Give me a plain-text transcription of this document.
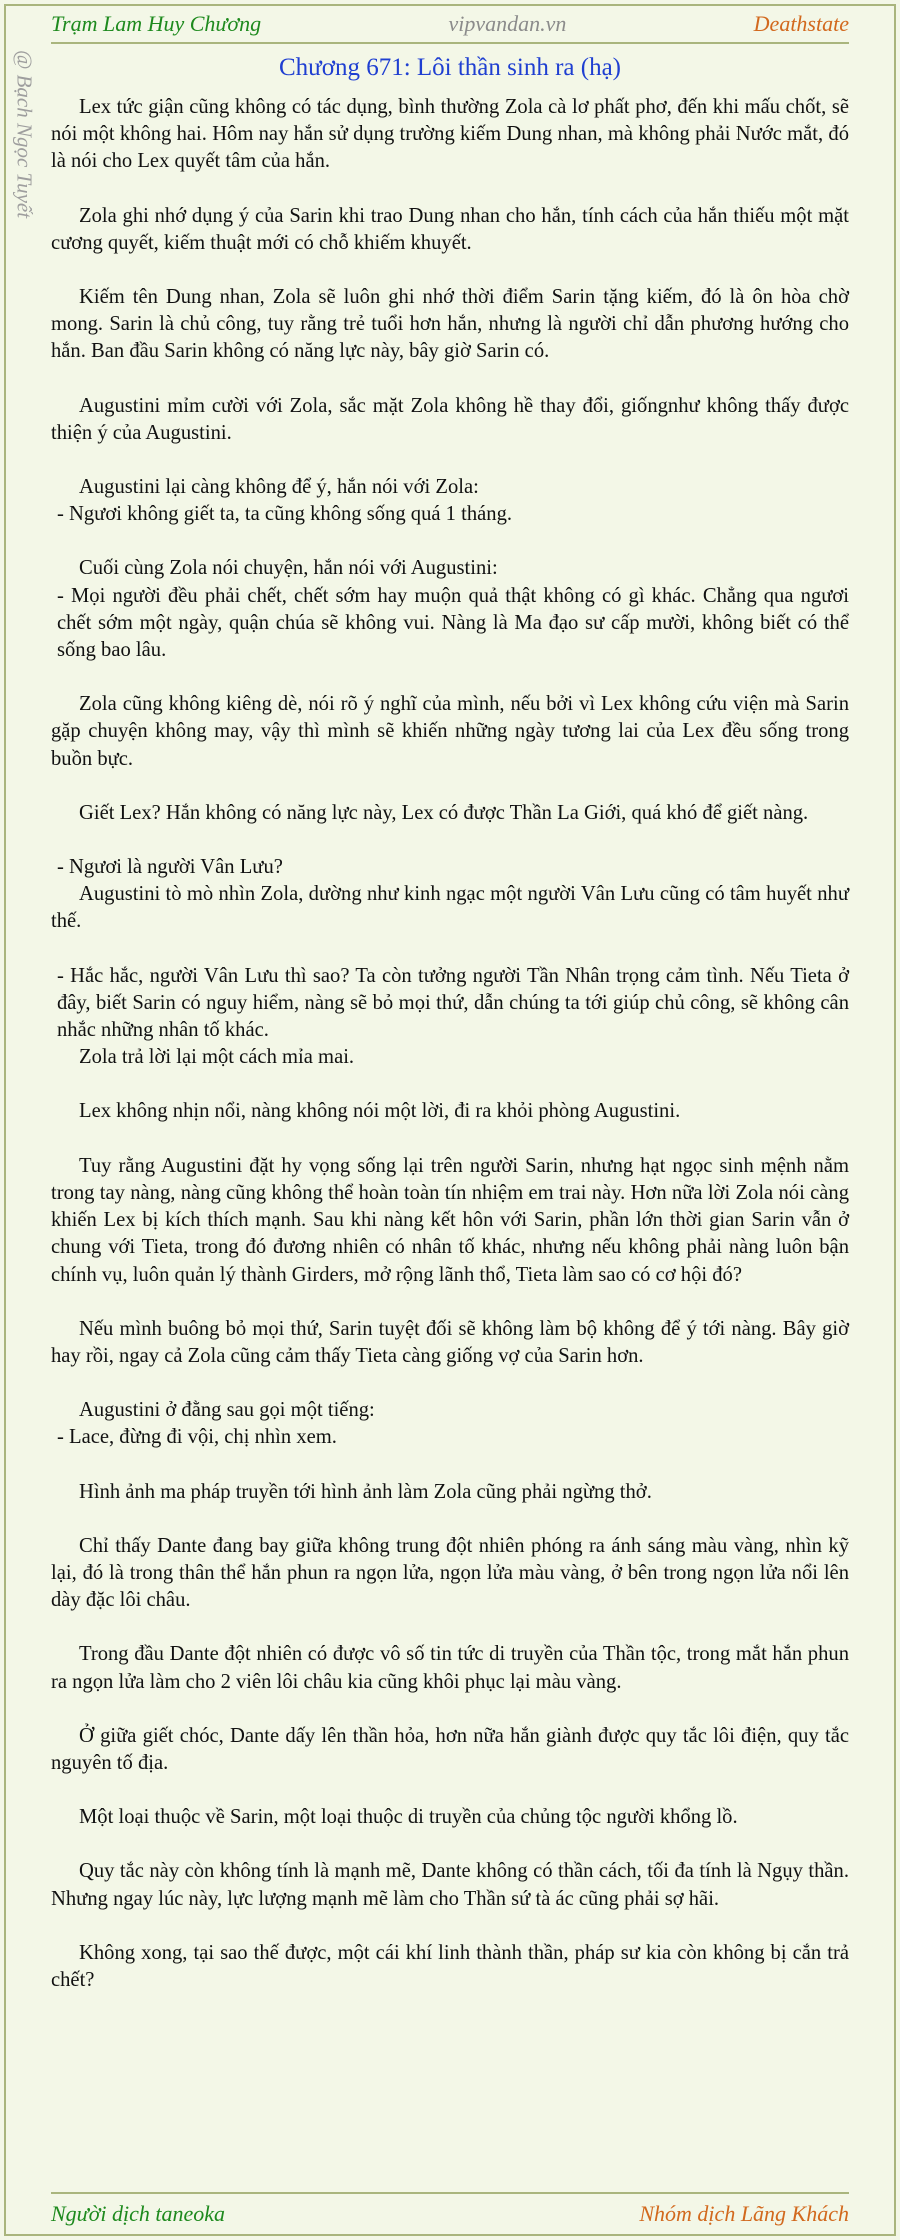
Trạm Lam Huy Chương	vipvandan.vn	Deathstate
@ Bạch Ngọc Tuyết	Chương 671: Lôi thần sinh ra (hạ)

Lex tức giận cũng không có tác dụng, bình thường Zola cà lơ phất phơ, đến khi mấu chốt, sẽ nói một không hai. Hôm nay hắn sử dụng trường kiếm Dung nhan, mà không phải Nước mắt, đó là nói cho Lex quyết tâm của hắn.

Zola ghi nhớ dụng ý của Sarin khi trao Dung nhan cho hắn, tính cách của hắn thiếu một mặt cương quyết, kiếm thuật mới có chỗ khiếm khuyết.

Kiếm tên Dung nhan, Zola sẽ luôn ghi nhớ thời điểm Sarin tặng kiếm, đó là ôn hòa chờ mong. Sarin là chủ công, tuy rằng trẻ tuổi hơn hắn, nhưng là người chỉ dẫn phương hướng cho hắn. Ban đầu Sarin không có năng lực này, bây giờ Sarin có.

Augustini mỉm cười với Zola, sắc mặt Zola không hề thay đổi, giốngnhư không thấy được thiện ý của Augustini.

Augustini lại càng không để ý, hắn nói với Zola:
- Ngươi không giết ta, ta cũng không sống quá 1 tháng.

Cuối cùng Zola nói chuyện, hắn nói với Augustini:
- Mọi người đều phải chết, chết sớm hay muộn quả thật không có gì khác. Chẳng qua ngươi chết sớm một ngày, quận chúa sẽ không vui. Nàng là Ma đạo sư cấp mười, không biết có thể sống bao lâu.

Zola cũng không kiêng dè, nói rõ ý nghĩ của mình, nếu bởi vì Lex không cứu viện mà Sarin gặp chuyện không may, vậy thì mình sẽ khiến những ngày tương lai của Lex đều sống trong buồn bực.

Giết Lex? Hắn không có năng lực này, Lex có được Thần La Giới, quá khó để giết nàng.

- Ngươi là người Vân Lưu?
Augustini tò mò nhìn Zola, dường như kinh ngạc một người Vân Lưu cũng có tâm huyết như thế.

- Hắc hắc, người Vân Lưu thì sao? Ta còn tưởng người Tần Nhân trọng cảm tình. Nếu Tieta ở đây, biết Sarin có nguy hiểm, nàng sẽ bỏ mọi thứ, dẫn chúng ta tới giúp chủ công, sẽ không cân nhắc những nhân tố khác.
Zola trả lời lại một cách mỉa mai.

Lex không nhịn nổi, nàng không nói một lời, đi ra khỏi phòng Augustini.

Tuy rằng Augustini đặt hy vọng sống lại trên người Sarin, nhưng hạt ngọc sinh mệnh nằm trong tay nàng, nàng cũng không thể hoàn toàn tín nhiệm em trai này. Hơn nữa lời Zola nói càng khiến Lex bị kích thích mạnh. Sau khi nàng kết hôn với Sarin, phần lớn thời gian Sarin vẫn ở chung với Tieta, trong đó đương nhiên có nhân tố khác, nhưng nếu không phải nàng luôn bận chính vụ, luôn quản lý thành Girders, mở rộng lãnh thổ, Tieta làm sao có cơ hội đó?

Nếu mình buông bỏ mọi thứ, Sarin tuyệt đối sẽ không làm bộ không để ý tới nàng. Bây giờ hay rồi, ngay cả Zola cũng cảm thấy Tieta càng giống vợ của Sarin hơn.

Augustini ở đằng sau gọi một tiếng:
- Lace, đừng đi vội, chị nhìn xem.

Hình ảnh ma pháp truyền tới hình ảnh làm Zola cũng phải ngừng thở.

Chỉ thấy Dante đang bay giữa không trung đột nhiên phóng ra ánh sáng màu vàng, nhìn kỹ lại, đó là trong thân thể hắn phun ra ngọn lửa, ngọn lửa màu vàng, ở bên trong ngọn lửa nổi lên dày đặc lôi châu.

Trong đầu Dante đột nhiên có được vô số tin tức di truyền của Thần tộc, trong mắt hắn phun ra ngọn lửa làm cho 2 viên lôi châu kia cũng khôi phục lại màu vàng.

Ở giữa giết chóc, Dante dấy lên thần hỏa, hơn nữa hắn giành được quy tắc lôi điện, quy tắc nguyên tố địa.

Một loại thuộc về Sarin, một loại thuộc di truyền của chủng tộc người khổng lồ.

Quy tắc này còn không tính là mạnh mẽ, Dante không có thần cách, tối đa tính là Ngụy thần. Nhưng ngay lúc này, lực lượng mạnh mẽ làm cho Thần sứ tà ác cũng phải sợ hãi.

Không xong, tại sao thế được, một cái khí linh thành thần, pháp sư kia còn không bị cắn trả chết?

Người dịch taneoka	Nhóm dịch Lãng Khách
